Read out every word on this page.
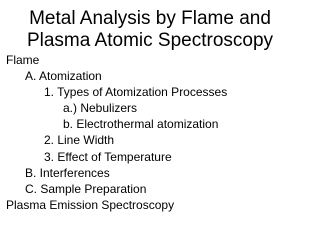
Metal Analysis by Flame and
Plasma Atomic Spectroscopy
Flame
A. Atomization
1. Types of Atomization Processes
a.) Nebulizers
b. Electrothermal atomization
2. Line Width
3. Effect of Temperature
B. Interferences
C. Sample Preparation
Plasma Emission Spectroscopy
